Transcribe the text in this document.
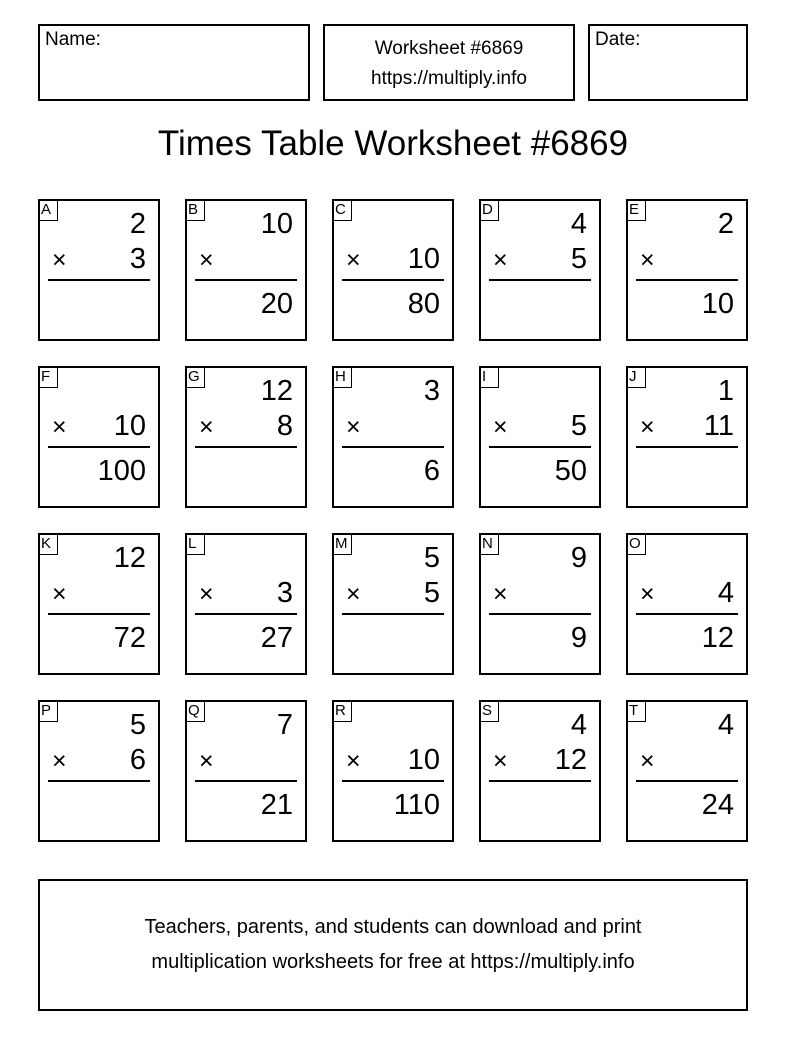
Name:	Worksheet #6869
https://multiply.info
Date:
Times Table Worksheet #6869
A	2
× 3
B 10
×
20
C
× 10
80
D	4
× 5
E	2
×
10
F
× 10
100
G 12
× 8
H	3
×
6
I
× 5
50
J	1
× 11
K 12
×
72
L
× 3
27
M	5
× 5
N	9
×
9
O
× 4
12
P	5
× 6
Q	7
×
21
R
× 10
110
S	4
× 12
T	4
×
24
Teachers, parents, and students can download and print
multiplication worksheets for free at https://multiply.info
